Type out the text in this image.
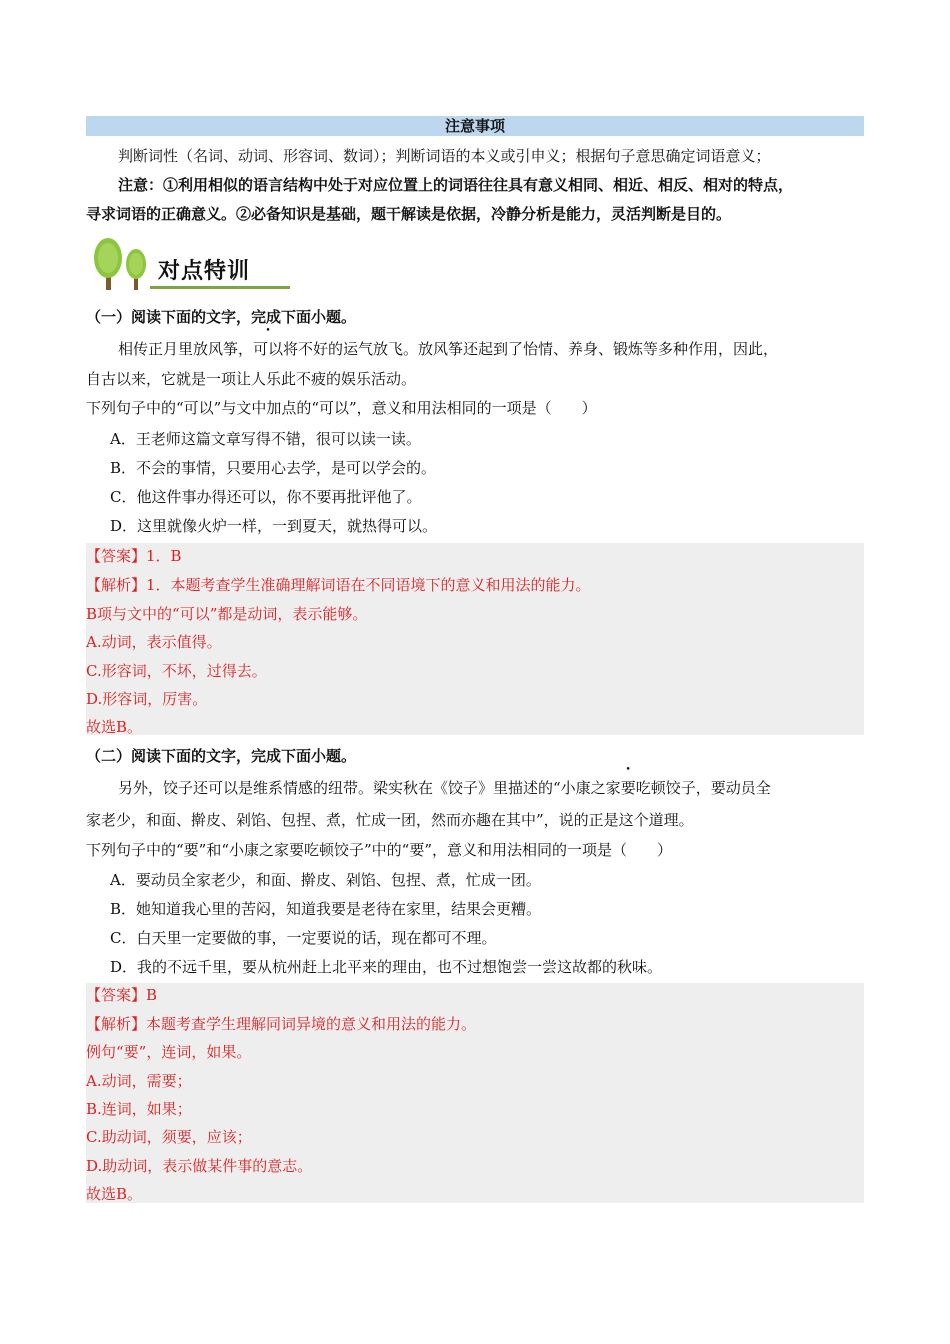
注意事项
判断词性（名词、动词、形容词、数词）；判断词语的本义或引申义；根据句子意思确定词语意义；
注意：①利用相似的语言结构中处于对应位置上的词语往往具有意义相同、相近、相反、相对的特点，
寻求词语的正确意义。②必备知识是基础，题干解读是依据，冷静分析是能力，灵活判断是目的。
对点特训
（一）阅读下面的文字，完成下面小题。
相传正月里放风筝，可以将不好的运气放飞。放风筝还起到了怡情、养身、锻炼等多种作用，因此，
自古以来，它就是一项让人乐此不疲的娱乐活动。
下列句子中的“可以”与文中加点的“可以”，意义和用法相同的一项是（　　）
A．王老师这篇文章写得不错，很可以读一读。
B．不会的事情，只要用心去学，是可以学会的。
C．他这件事办得还可以，你不要再批评他了。
D．这里就像火炉一样，一到夏天，就热得可以。
【答案】1．B
【解析】1．本题考查学生准确理解词语在不同语境下的意义和用法的能力。
B项与文中的“可以”都是动词，表示能够。
A.动词，表示值得。
C.形容词，不坏，过得去。
D.形容词，厉害。
故选B。
（二）阅读下面的文字，完成下面小题。
另外，饺子还可以是维系情感的纽带。梁实秋在《饺子》里描述的“小康之家要吃顿饺子，要动员全
家老少，和面、擀皮、剁馅、包捏、煮，忙成一团，然而亦趣在其中”，说的正是这个道理。
下列句子中的“要”和“小康之家要吃顿饺子”中的“要”，意义和用法相同的一项是（　　）
A．要动员全家老少，和面、擀皮、剁馅、包捏、煮，忙成一团。
B．她知道我心里的苦闷，知道我要是老待在家里，结果会更糟。
C．白天里一定要做的事，一定要说的话，现在都可不理。
D．我的不远千里，要从杭州赶上北平来的理由，也不过想饱尝一尝这故都的秋味。
【答案】B
【解析】本题考查学生理解同词异境的意义和用法的能力。
例句“要”，连词，如果。
A.动词，需要；
B.连词，如果；
C.助动词，须要，应该；
D.助动词，表示做某件事的意志。
故选B。
